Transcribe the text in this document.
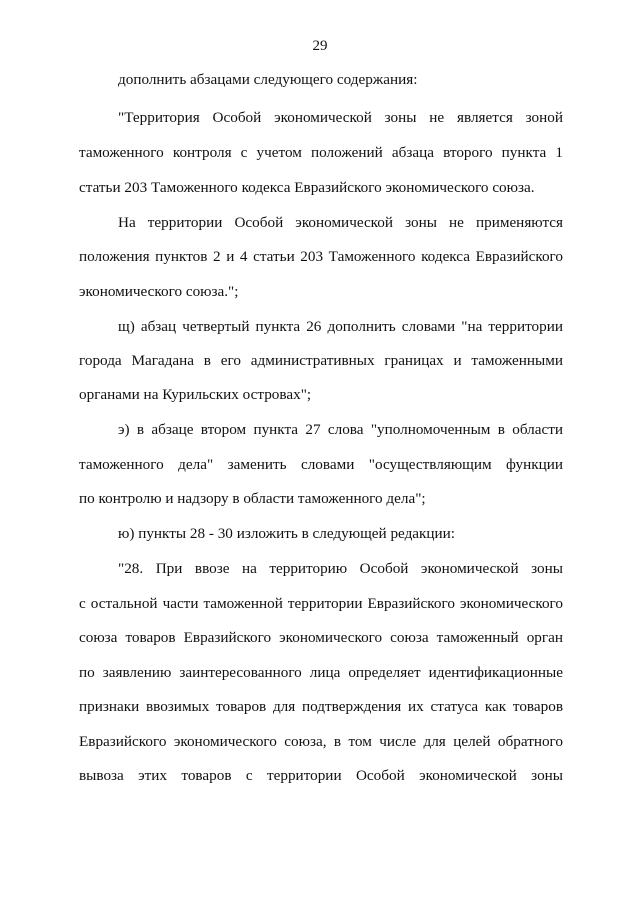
29
дополнить абзацами следующего содержания:
"Территория Особой экономической зоны не является зоной
таможенного контроля с учетом положений абзаца второго пункта 1
статьи 203 Таможенного кодекса Евразийского экономического союза.
На территории Особой экономической зоны не применяются
положения пунктов 2 и 4 статьи 203 Таможенного кодекса Евразийского
экономического союза.";
щ) абзац четвертый пункта 26 дополнить словами "на территории
города Магадана в его административных границах и таможенными
органами на Курильских островах";
э) в абзаце втором пункта 27 слова "уполномоченным в области
таможенного дела" заменить словами "осуществляющим функции
по контролю и надзору в области таможенного дела";
ю) пункты 28 - 30 изложить в следующей редакции:
"28. При ввозе на территорию Особой экономической зоны
с остальной части таможенной территории Евразийского экономического
союза товаров Евразийского экономического союза таможенный орган
по заявлению заинтересованного лица определяет идентификационные
признаки ввозимых товаров для подтверждения их статуса как товаров
Евразийского экономического союза, в том числе для целей обратного
вывоза этих товаров с территории Особой экономической зоны
